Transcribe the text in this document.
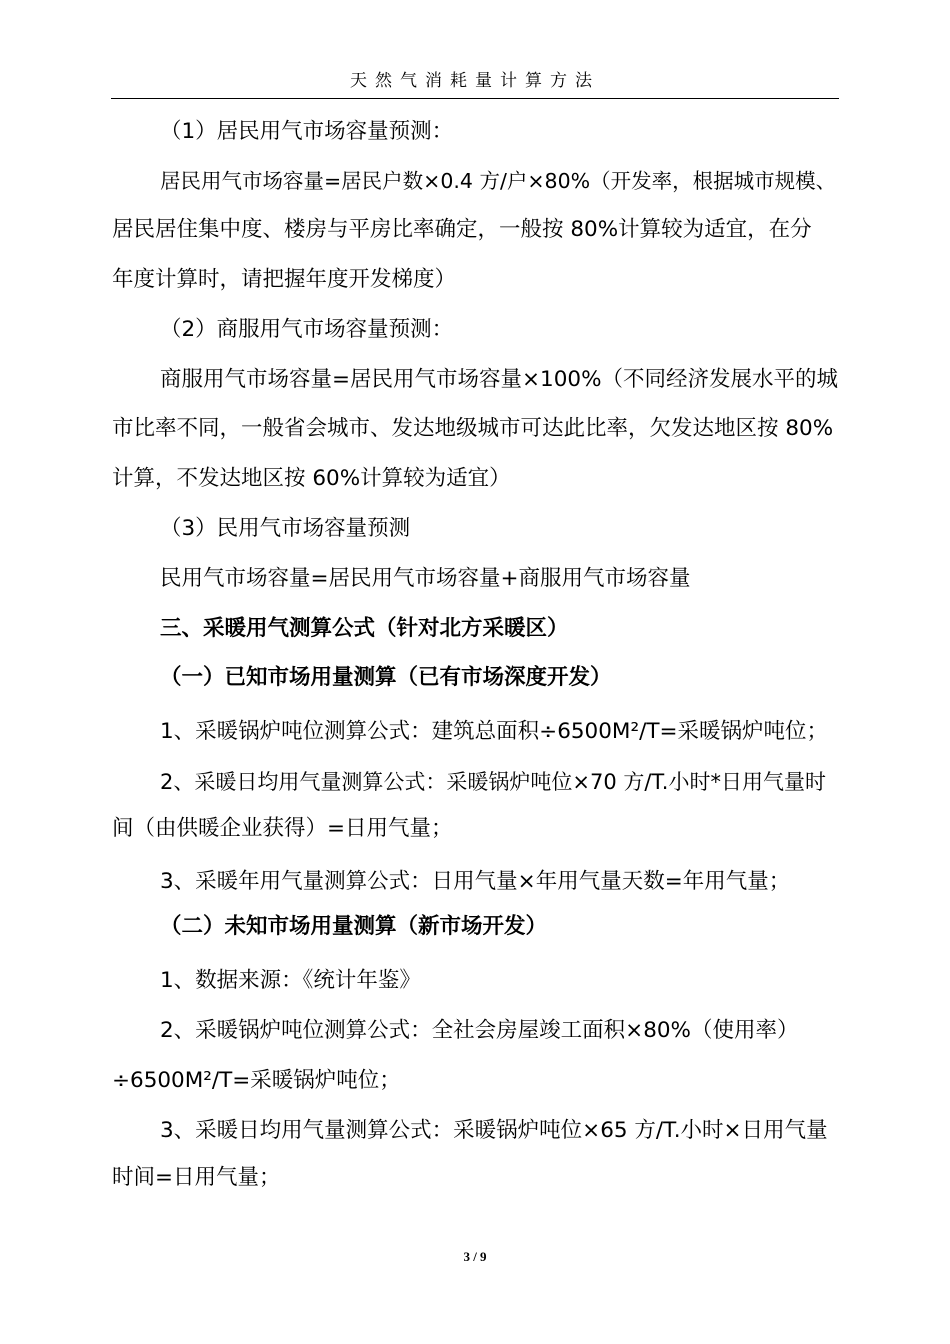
天然气消耗量计算方法
（1）居民用气市场容量预测：
居民用气市场容量=居民户数×0.4 方/户×80%（开发率，根据城市规模、
居民居住集中度、楼房与平房比率确定，一般按 80%计算较为适宜，在分
年度计算时，请把握年度开发梯度）
（2）商服用气市场容量预测：
商服用气市场容量=居民用气市场容量×100%（不同经济发展水平的城
市比率不同，一般省会城市、发达地级城市可达此比率，欠发达地区按 80%
计算，不发达地区按 60%计算较为适宜）
（3）民用气市场容量预测
民用气市场容量=居民用气市场容量+商服用气市场容量
三、采暖用气测算公式（针对北方采暖区）
（一）已知市场用量测算（已有市场深度开发）
1、采暖锅炉吨位测算公式：建筑总面积÷6500M²/T=采暖锅炉吨位；
2、采暖日均用气量测算公式：采暖锅炉吨位×70 方/T.小时*日用气量时
间（由供暖企业获得）=日用气量；
3、采暖年用气量测算公式：日用气量×年用气量天数=年用气量；
（二）未知市场用量测算（新市场开发）
1、数据来源：《统计年鉴》
2、采暖锅炉吨位测算公式：全社会房屋竣工面积×80%（使用率）
÷6500M²/T=采暖锅炉吨位；
3、采暖日均用气量测算公式：采暖锅炉吨位×65 方/T.小时×日用气量
时间=日用气量；
3 / 9
